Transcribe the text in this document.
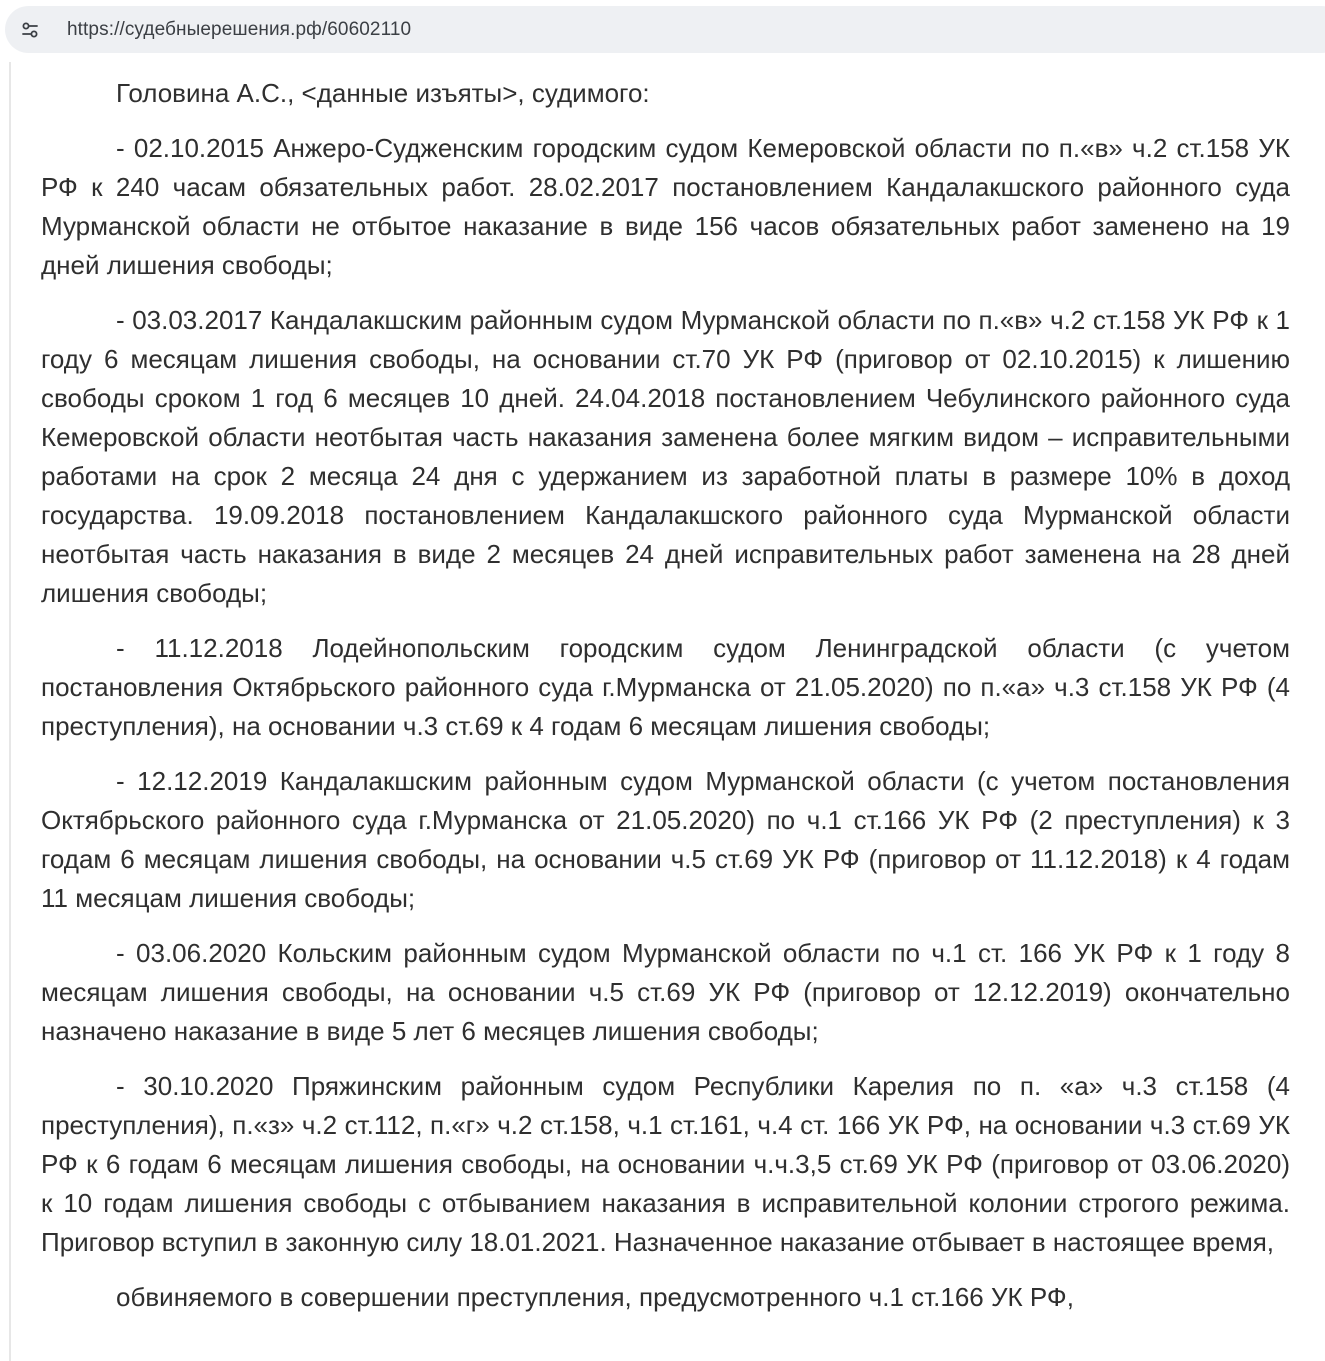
https://судебныерешения.рф/60602110

Головина А.С., <данные изъяты>, судимого:

- 02.10.2015 Анжеро-Судженским городским судом Кемеровской области по п.«в» ч.2 ст.158 УК РФ к 240 часам обязательных работ. 28.02.2017 постановлением Кандалакшского районного суда Мурманской области не отбытое наказание в виде 156 часов обязательных работ заменено на 19 дней лишения свободы;

- 03.03.2017 Кандалакшским районным судом Мурманской области по п.«в» ч.2 ст.158 УК РФ к 1 году 6 месяцам лишения свободы, на основании ст.70 УК РФ (приговор от 02.10.2015) к лишению свободы сроком 1 год 6 месяцев 10 дней. 24.04.2018 постановлением Чебулинского районного суда Кемеровской области неотбытая часть наказания заменена более мягким видом – исправительными работами на срок 2 месяца 24 дня с удержанием из заработной платы в размере 10% в доход государства. 19.09.2018 постановлением Кандалакшского районного суда Мурманской области неотбытая часть наказания в виде 2 месяцев 24 дней исправительных работ заменена на 28 дней лишения свободы;

- 11.12.2018 Лодейнопольским городским судом Ленинградской области (с учетом постановления Октябрьского районного суда г.Мурманска от 21.05.2020) по п.«а» ч.3 ст.158 УК РФ (4 преступления), на основании ч.3 ст.69 к 4 годам 6 месяцам лишения свободы;

- 12.12.2019 Кандалакшским районным судом Мурманской области (с учетом постановления Октябрьского районного суда г.Мурманска от 21.05.2020) по ч.1 ст.166 УК РФ (2 преступления) к 3 годам 6 месяцам лишения свободы, на основании ч.5 ст.69 УК РФ (приговор от 11.12.2018) к 4 годам 11 месяцам лишения свободы;

- 03.06.2020 Кольским районным судом Мурманской области по ч.1 ст. 166 УК РФ к 1 году 8 месяцам лишения свободы, на основании ч.5 ст.69 УК РФ (приговор от 12.12.2019) окончательно назначено наказание в виде 5 лет 6 месяцев лишения свободы;

- 30.10.2020 Пряжинским районным судом Республики Карелия по п. «а» ч.3 ст.158 (4 преступления), п.«з» ч.2 ст.112, п.«г» ч.2 ст.158, ч.1 ст.161, ч.4 ст. 166 УК РФ, на основании ч.3 ст.69 УК РФ к 6 годам 6 месяцам лишения свободы, на основании ч.ч.3,5 ст.69 УК РФ (приговор от 03.06.2020) к 10 годам лишения свободы с отбыванием наказания в исправительной колонии строгого режима. Приговор вступил в законную силу 18.01.2021. Назначенное наказание отбывает в настоящее время,

обвиняемого в совершении преступления, предусмотренного ч.1 ст.166 УК РФ,
